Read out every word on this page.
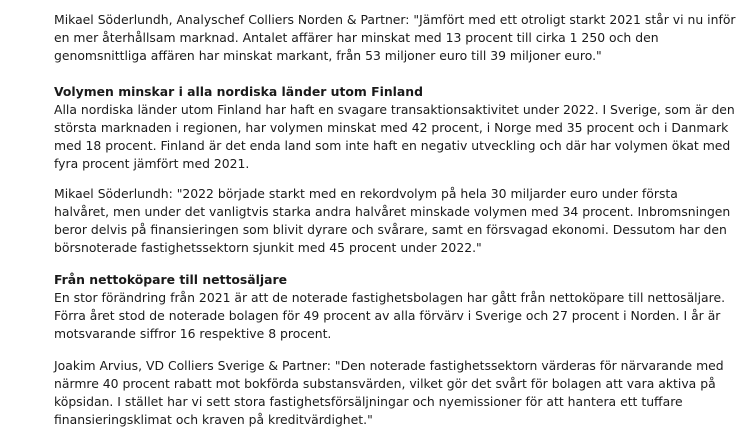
Mikael Söderlundh, Analyschef Colliers Norden & Partner: "Jämfört med ett otroligt starkt 2021 står vi nu inför
en mer återhållsam marknad. Antalet affärer har minskat med 13 procent till cirka 1 250 och den
genomsnittliga affären har minskat markant, från 53 miljoner euro till 39 miljoner euro."

Volymen minskar i alla nordiska länder utom Finland

Alla nordiska länder utom Finland har haft en svagare transaktionsaktivitet under 2022. I Sverige, som är den
största marknaden i regionen, har volymen minskat med 42 procent, i Norge med 35 procent och i Danmark
med 18 procent. Finland är det enda land som inte haft en negativ utveckling och där har volymen ökat med
fyra procent jämfört med 2021.

Mikael Söderlundh: "2022 började starkt med en rekordvolym på hela 30 miljarder euro under första
halvåret, men under det vanligtvis starka andra halvåret minskade volymen med 34 procent. Inbromsningen
beror delvis på finansieringen som blivit dyrare och svårare, samt en försvagad ekonomi. Dessutom har den
börsnoterade fastighetssektorn sjunkit med 45 procent under 2022."

Från nettoköpare till nettosäljare

En stor förändring från 2021 är att de noterade fastighetsbolagen har gått från nettoköpare till nettosäljare.
Förra året stod de noterade bolagen för 49 procent av alla förvärv i Sverige och 27 procent i Norden. I år är
motsvarande siffror 16 respektive 8 procent.

Joakim Arvius, VD Colliers Sverige & Partner: "Den noterade fastighetssektorn värderas för närvarande med
närmre 40 procent rabatt mot bokförda substansvärden, vilket gör det svårt för bolagen att vara aktiva på
köpsidan. I stället har vi sett stora fastighetsförsäljningar och nyemissioner för att hantera ett tuffare
finansieringsklimat och kraven på kreditvärdighet."
